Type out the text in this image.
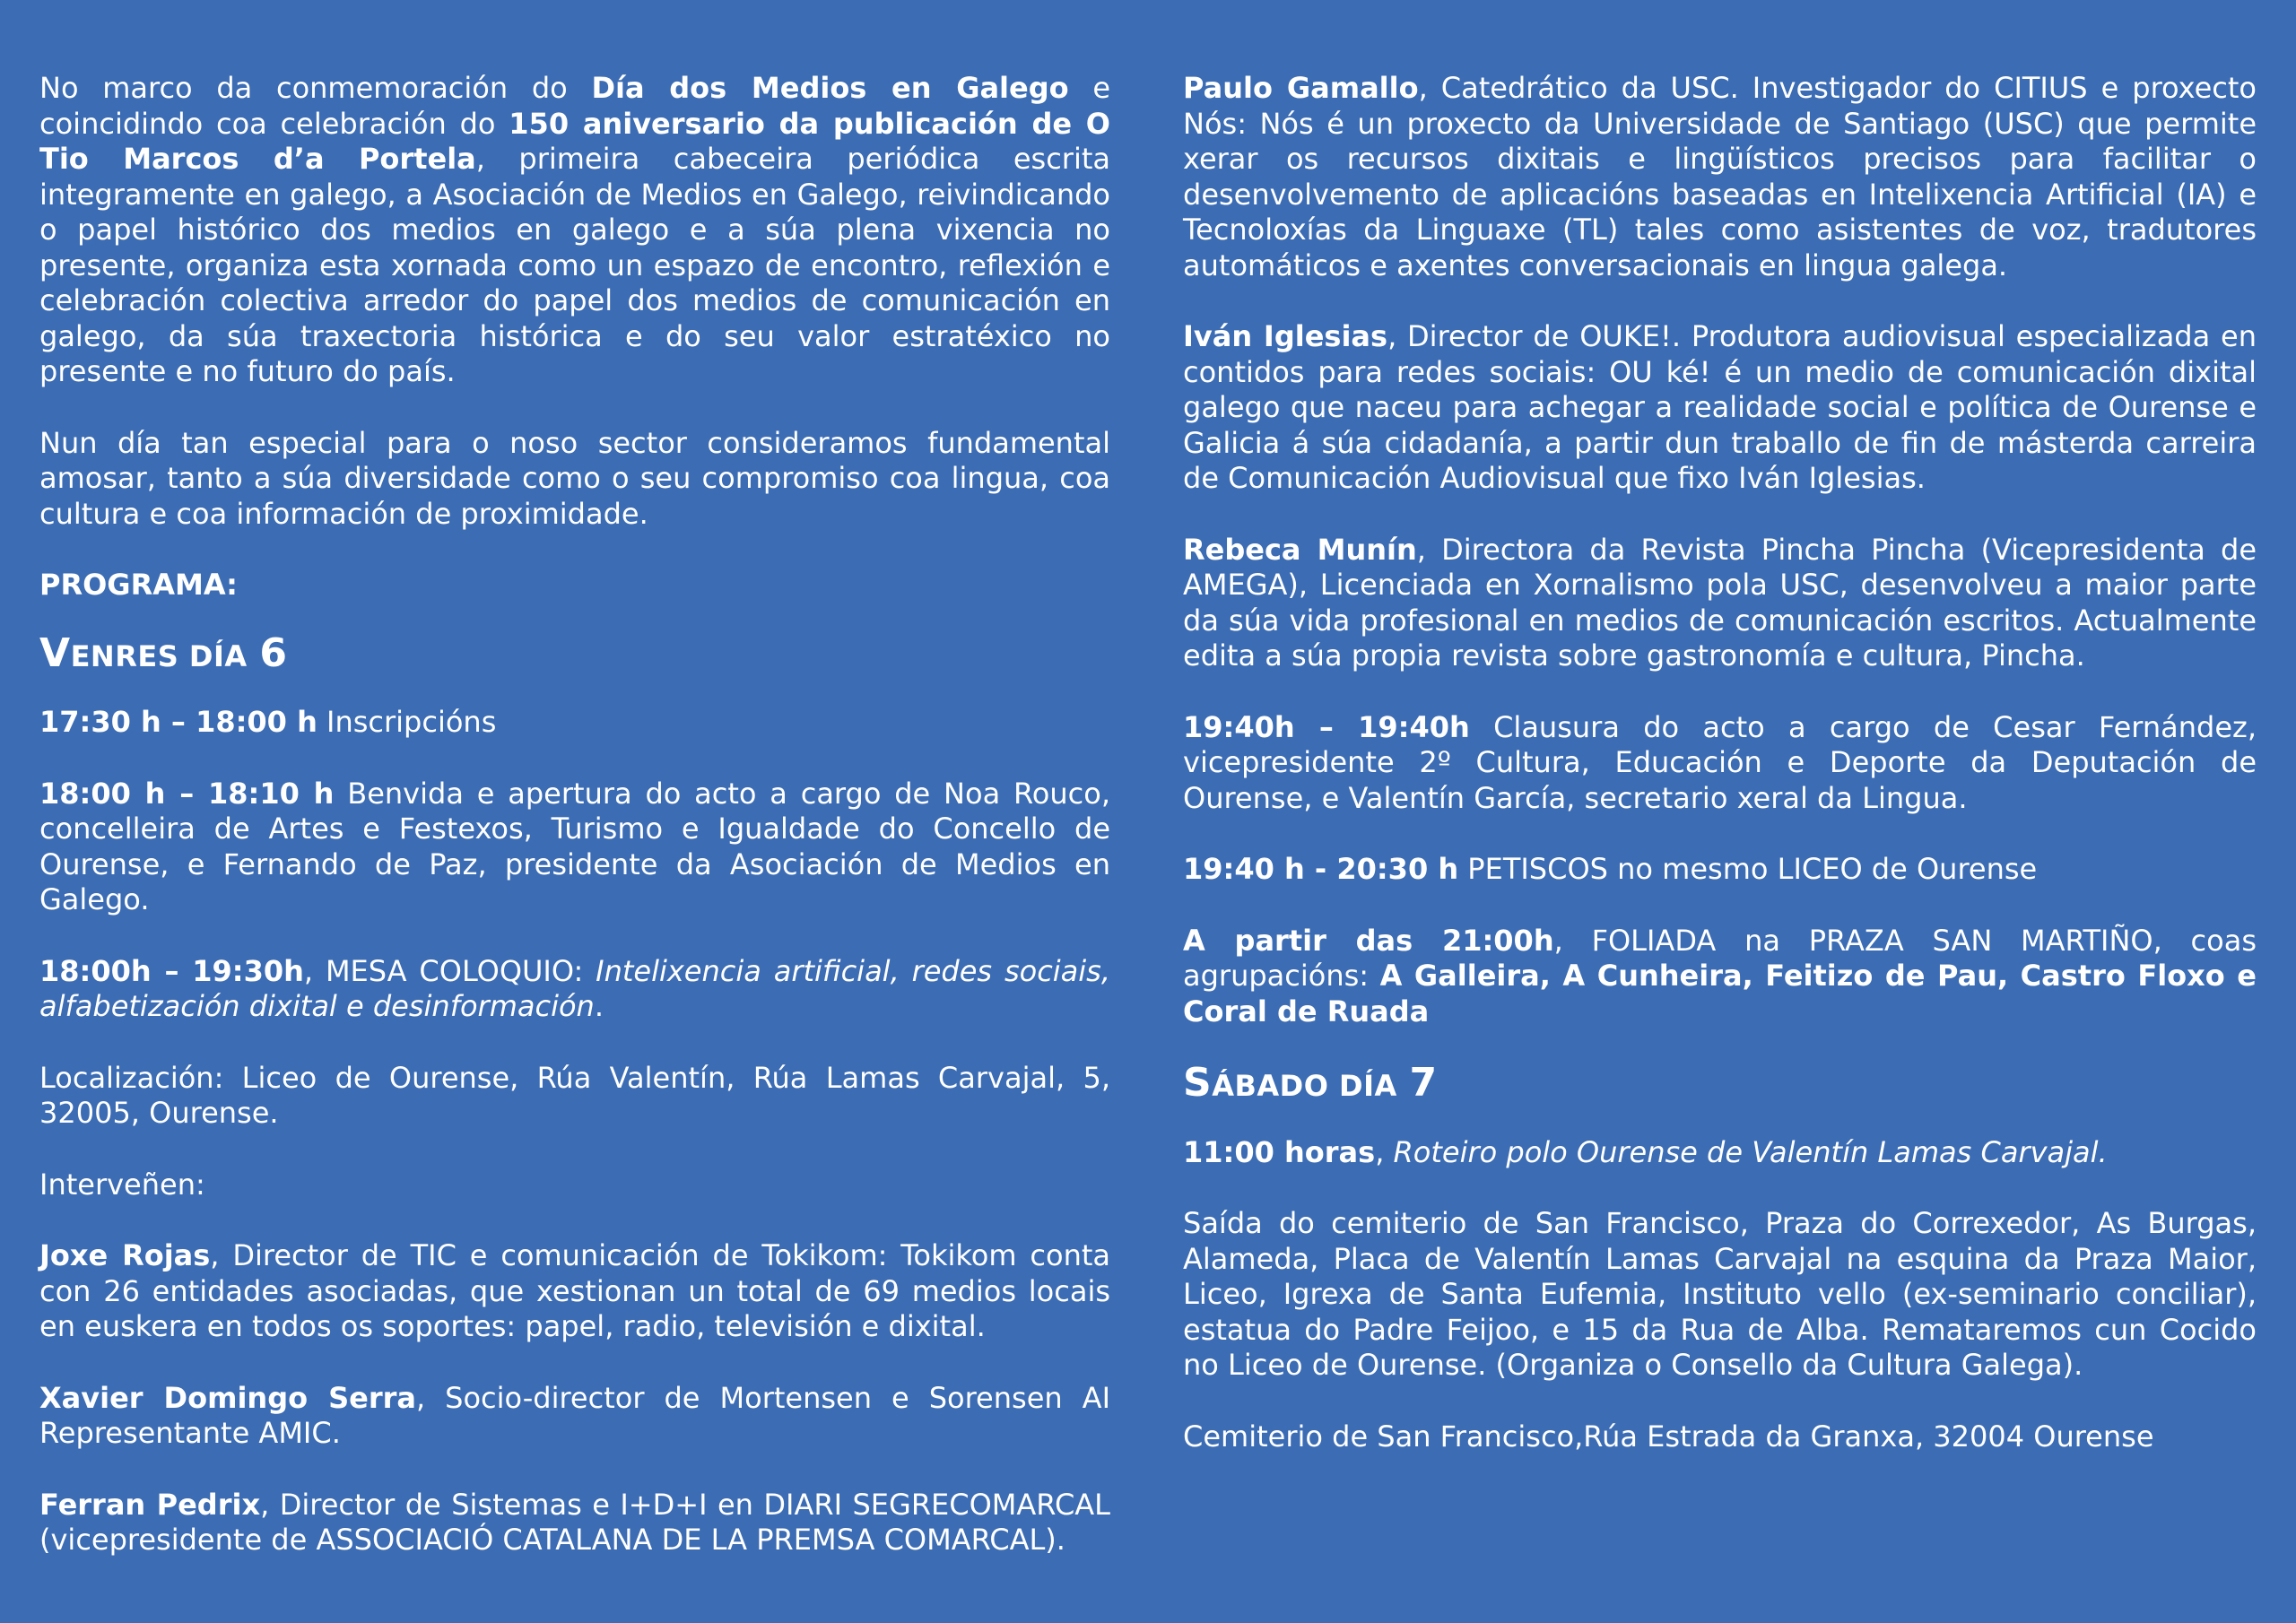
No marco da conmemoración do Día dos Medios en Galego e coincidindo coa celebración do 150 aniversario da publicación de O Tio Marcos d’a Portela, primeira cabeceira periódica escrita integramente en galego, a Asociación de Medios en Galego, reivindicando o papel histórico dos medios en galego e a súa plena vixencia no presente, organiza esta xornada como un espazo de encontro, reflexión e celebración colectiva arredor do papel dos medios de comunicación en galego, da súa traxectoria histórica e do seu valor estratéxico no presente e no futuro do país.

Nun día tan especial para o noso sector consideramos fundamental amosar, tanto a súa diversidade como o seu compromiso coa lingua, coa cultura e coa información de proximidade.

PROGRAMA:
VENRES DÍA 6

17:30 h – 18:00 h Inscripcións

18:00 h – 18:10 h Benvida e apertura do acto a cargo de Noa Rouco, concelleira de Artes e Festexos, Turismo e Igualdade do Concello de Ourense, e Fernando de Paz, presidente da Asociación de Medios en Galego.

18:00h – 19:30h, MESA COLOQUIO: Intelixencia artificial, redes sociais, alfabetización dixital e desinformación.

Localización: Liceo de Ourense, Rúa Valentín, Rúa Lamas Carvajal, 5, 32005, Ourense.

Interveñen:

Joxe Rojas, Director de TIC e comunicación de Tokikom: Tokikom conta con 26 entidades asociadas, que xestionan un total de 69 medios locais en euskera en todos os soportes: papel, radio, televisión e dixital.

Xavier Domingo Serra, Socio-director de Mortensen e Sorensen AI Representante AMIC.

Ferran Pedrix, Director de Sistemas e I+D+I en DIARI SEGRECOMARCAL (vicepresidente de ASSOCIACIÓ CATALANA DE LA PREMSA COMARCAL).

Paulo Gamallo, Catedrático da USC. Investigador do CITIUS e proxecto Nós: Nós é un proxecto da Universidade de Santiago (USC) que permite xerar os recursos dixitais e lingüísticos precisos para facilitar o desenvolvemento de aplicacións baseadas en Intelixencia Artificial (IA) e Tecnoloxías da Linguaxe (TL) tales como asistentes de voz, tradutores automáticos e axentes conversacionais en lingua galega.

Iván Iglesias, Director de OUKE!. Produtora audiovisual especializada en contidos para redes sociais: OU ké! é un medio de comunicación dixital galego que naceu para achegar a realidade social e política de Ourense e Galicia á súa cidadanía, a partir dun traballo de fin de másterda carreira de Comunicación Audiovisual que fixo Iván Iglesias.

Rebeca Munín, Directora da Revista Pincha Pincha (Vicepresidenta de AMEGA), Licenciada en Xornalismo pola USC, desenvolveu a maior parte da súa vida profesional en medios de comunicación escritos. Actualmente edita a súa propia revista sobre gastronomía e cultura, Pincha.

19:40h – 19:40h Clausura do acto a cargo de Cesar Fernández, vicepresidente 2º Cultura, Educación e Deporte da Deputación de Ourense, e Valentín García, secretario xeral da Lingua.

19:40 h - 20:30 h PETISCOS no mesmo LICEO de Ourense

A partir das 21:00h, FOLIADA na PRAZA SAN MARTIÑO, coas agrupacións: A Galleira, A Cunheira, Feitizo de Pau, Castro Floxo e Coral de Ruada

SÁBADO DÍA 7

11:00 horas, Roteiro polo Ourense de Valentín Lamas Carvajal.

Saída do cemiterio de San Francisco, Praza do Correxedor, As Burgas, Alameda, Placa de Valentín Lamas Carvajal na esquina da Praza Maior, Liceo, Igrexa de Santa Eufemia, Instituto vello (ex-seminario conciliar), estatua do Padre Feijoo, e 15 da Rua de Alba. Remataremos cun Cocido no Liceo de Ourense. (Organiza o Consello da Cultura Galega).

Cemiterio de San Francisco,Rúa Estrada da Granxa, 32004 Ourense
